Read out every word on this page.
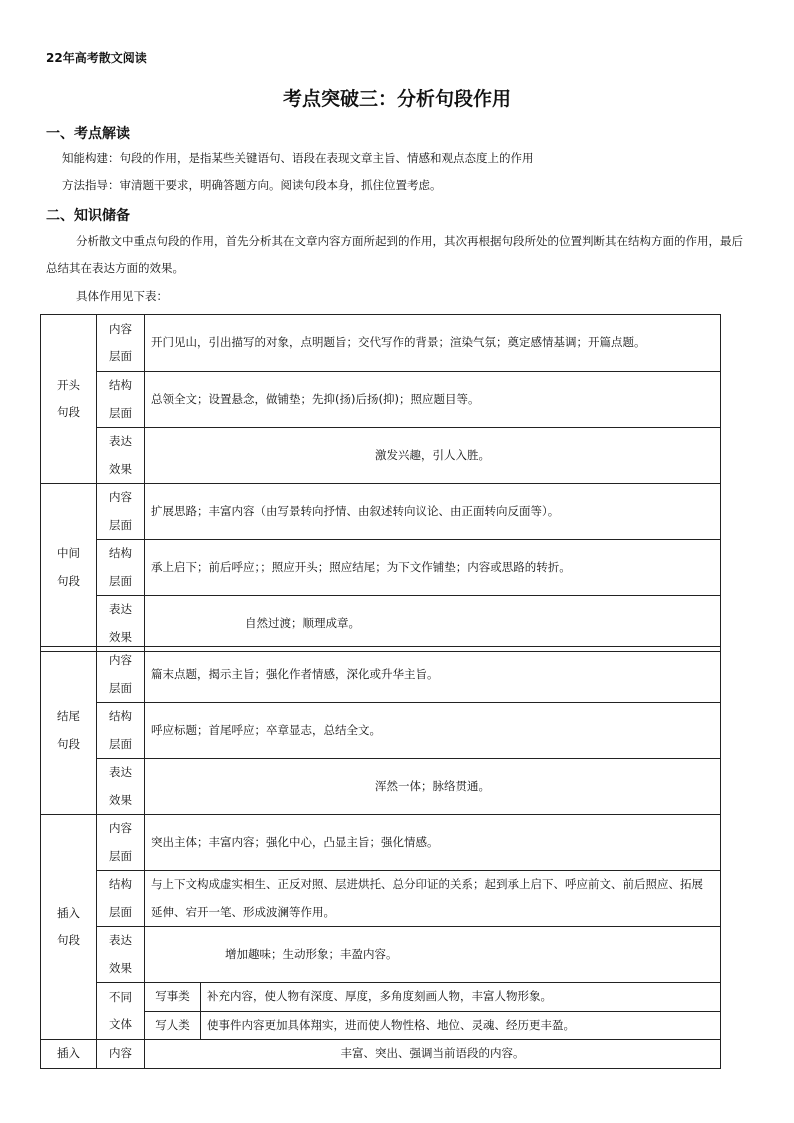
22年高考散文阅读
考点突破三：分析句段作用
一、考点解读
知能构建：句段的作用，是指某些关键语句、语段在表现文章主旨、情感和观点态度上的作用
方法指导：审清题干要求，明确答题方向。阅读句段本身，抓住位置考虑。
二、知识储备
分析散文中重点句段的作用，首先分析其在文章内容方面所起到的作用，其次再根据句段所处的位置判断其在结构方面的作用，最后总结其在表达方面的效果。
具体作用见下表：
开头句段	内容层面	开门见山，引出描写的对象，点明题旨；交代写作的背景；渲染气氛；奠定感情基调；开篇点题。
	结构层面	总领全文；设置悬念，做铺垫；先抑(扬)后扬(抑)；照应题目等。
	表达效果	激发兴趣，引人入胜。
中间句段	内容层面	扩展思路；丰富内容（由写景转向抒情、由叙述转向议论、由正面转向反面等）。
	结构层面	承上启下；前后呼应；；照应开头；照应结尾；为下文作铺垫；内容或思路的转折。
	表达效果	自然过渡；顺理成章。
结尾句段	内容层面	篇末点题，揭示主旨；强化作者情感，深化或升华主旨。	
	结构层面	呼应标题；首尾呼应；卒章显志，总结全文。	
	表达效果	浑然一体；脉络贯通。	
插入句段	内容层面	突出主体；丰富内容；强化中心，凸显主旨；强化情感。	
	结构层面	与上下文构成虚实相生、正反对照、层进烘托、总分印证的关系；起到承上启下、呼应前文、前后照应、拓展延伸、宕开一笔、形成波澜等作用。	
	表达效果	增加趣味；生动形象；丰盈内容。	
	不同文体	写事类	补充内容，使人物有深度、厚度，多角度刻画人物，丰富人物形象。
		写人类	使事件内容更加具体翔实，进而使人物性格、地位、灵魂、经历更丰盈。
插入	内容	丰富、突出、强调当前语段的内容。	
